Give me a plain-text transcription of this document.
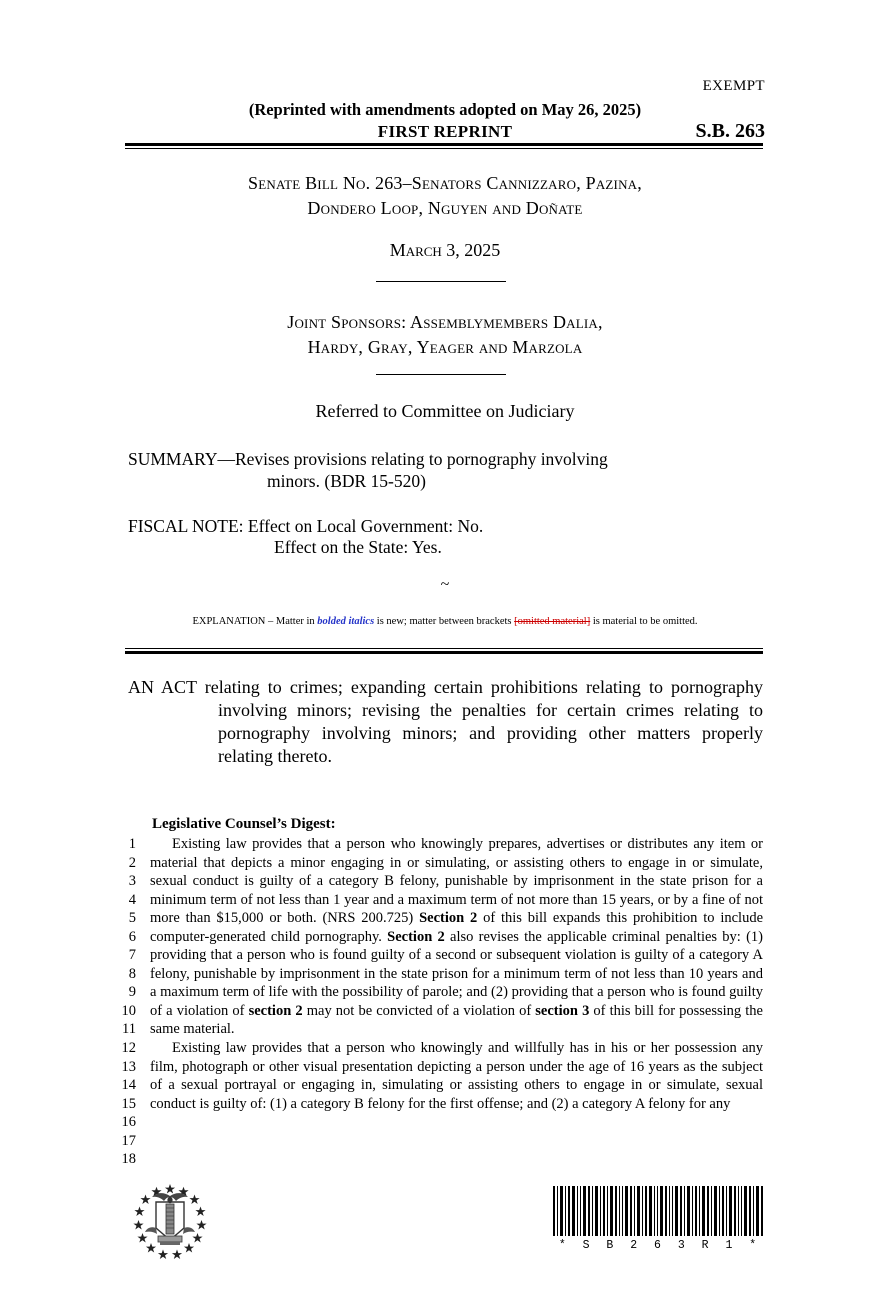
EXEMPT
(Reprinted with amendments adopted on May 26, 2025)
FIRST REPRINT	S.B. 263
Senate Bill No. 263–Senators Cannizzaro, Pazina,
Dondero Loop, Nguyen and Doñate
March 3, 2025
Joint Sponsors: Assemblymembers Dalia,
Hardy, Gray, Yeager and Marzola
Referred to Committee on Judiciary
SUMMARY—Revises provisions relating to pornography involving
minors. (BDR 15-520)
FISCAL NOTE: Effect on Local Government: No.
Effect on the State: Yes.
~
EXPLANATION – Matter in bolded italics is new; matter between brackets [omitted material] is material to be omitted.
AN ACT relating to crimes; expanding certain prohibitions relating to pornography involving minors; revising the penalties for certain crimes relating to pornography involving minors; and providing other matters properly relating thereto.
Legislative Counsel’s Digest:
1
2
3
4
5
6
7
8
9
10
11
12
13
14
15
16
17
18

Existing law provides that a person who knowingly prepares, advertises or distributes any item or material that depicts a minor engaging in or simulating, or assisting others to engage in or simulate, sexual conduct is guilty of a category B felony, punishable by imprisonment in the state prison for a minimum term of not less than 1 year and a maximum term of not more than 15 years, or by a fine of not more than $15,000 or both. (NRS 200.725) Section 2 of this bill expands this prohibition to include computer-generated child pornography. Section 2 also revises the applicable criminal penalties by: (1) providing that a person who is found guilty of a second or subsequent violation is guilty of a category A felony, punishable by imprisonment in the state prison for a minimum term of not less than 10 years and a maximum term of life with the possibility of parole; and (2) providing that a person who is found guilty of a violation of section 2 may not be convicted of a violation of section 3 of this bill for possessing the same material.

Existing law provides that a person who knowingly and willfully has in his or her possession any film, photograph or other visual presentation depicting a person under the age of 16 years as the subject of a sexual portrayal or engaging in, simulating or assisting others to engage in or simulate, sexual conduct is guilty of: (1) a category B felony for the first offense; and (2) a category A felony for any

* S B 2 6 3 R 1 *
